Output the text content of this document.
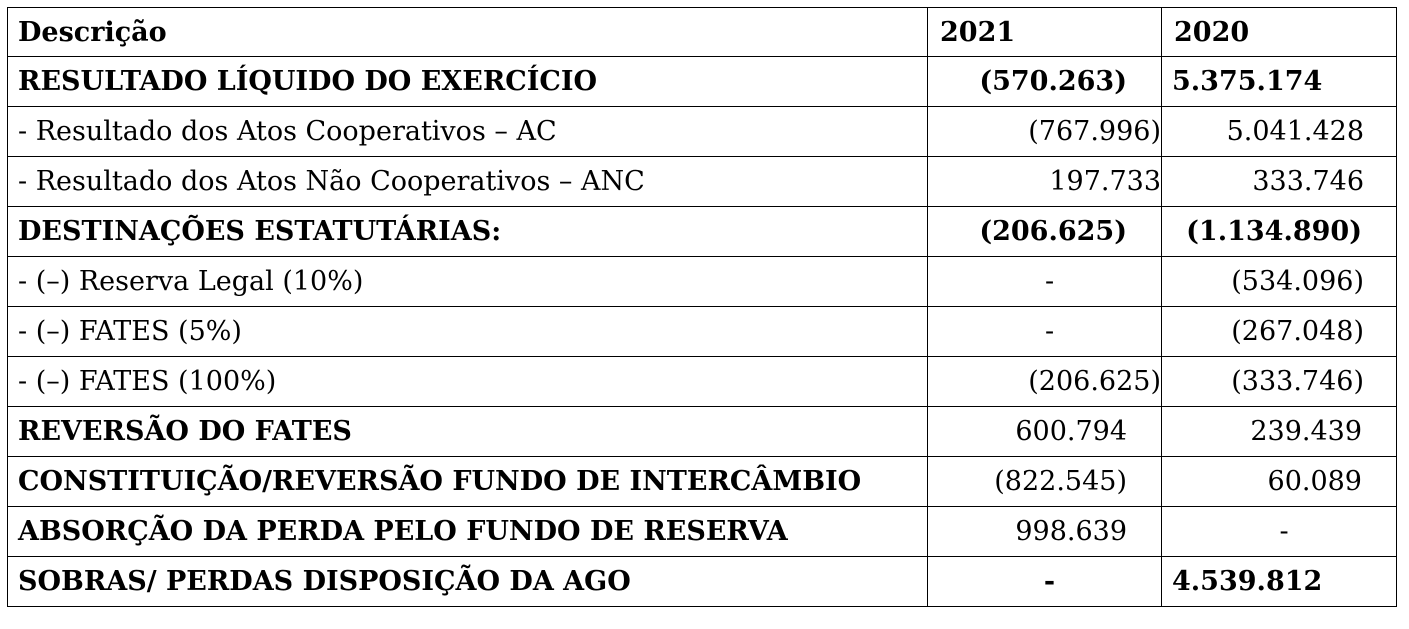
Descrição	2021	2020
RESULTADO LÍQUIDO DO EXERCÍCIO	(570.263)	5.375.174
- Resultado dos Atos Cooperativos – AC	(767.996)	5.041.428
- Resultado dos Atos Não Cooperativos – ANC	197.733	333.746
DESTINAÇÕES ESTATUTÁRIAS:	(206.625)	(1.134.890)
- (–) Reserva Legal (10%)	-	(534.096)
- (–) FATES (5%)	-	(267.048)
- (–) FATES (100%)	(206.625)	(333.746)
REVERSÃO DO FATES	600.794	239.439
CONSTITUIÇÃO/REVERSÃO FUNDO DE INTERCÂMBIO	(822.545)	60.089
ABSORÇÃO DA PERDA PELO FUNDO DE RESERVA	998.639	-
SOBRAS/ PERDAS DISPOSIÇÃO DA AGO	-	4.539.812
